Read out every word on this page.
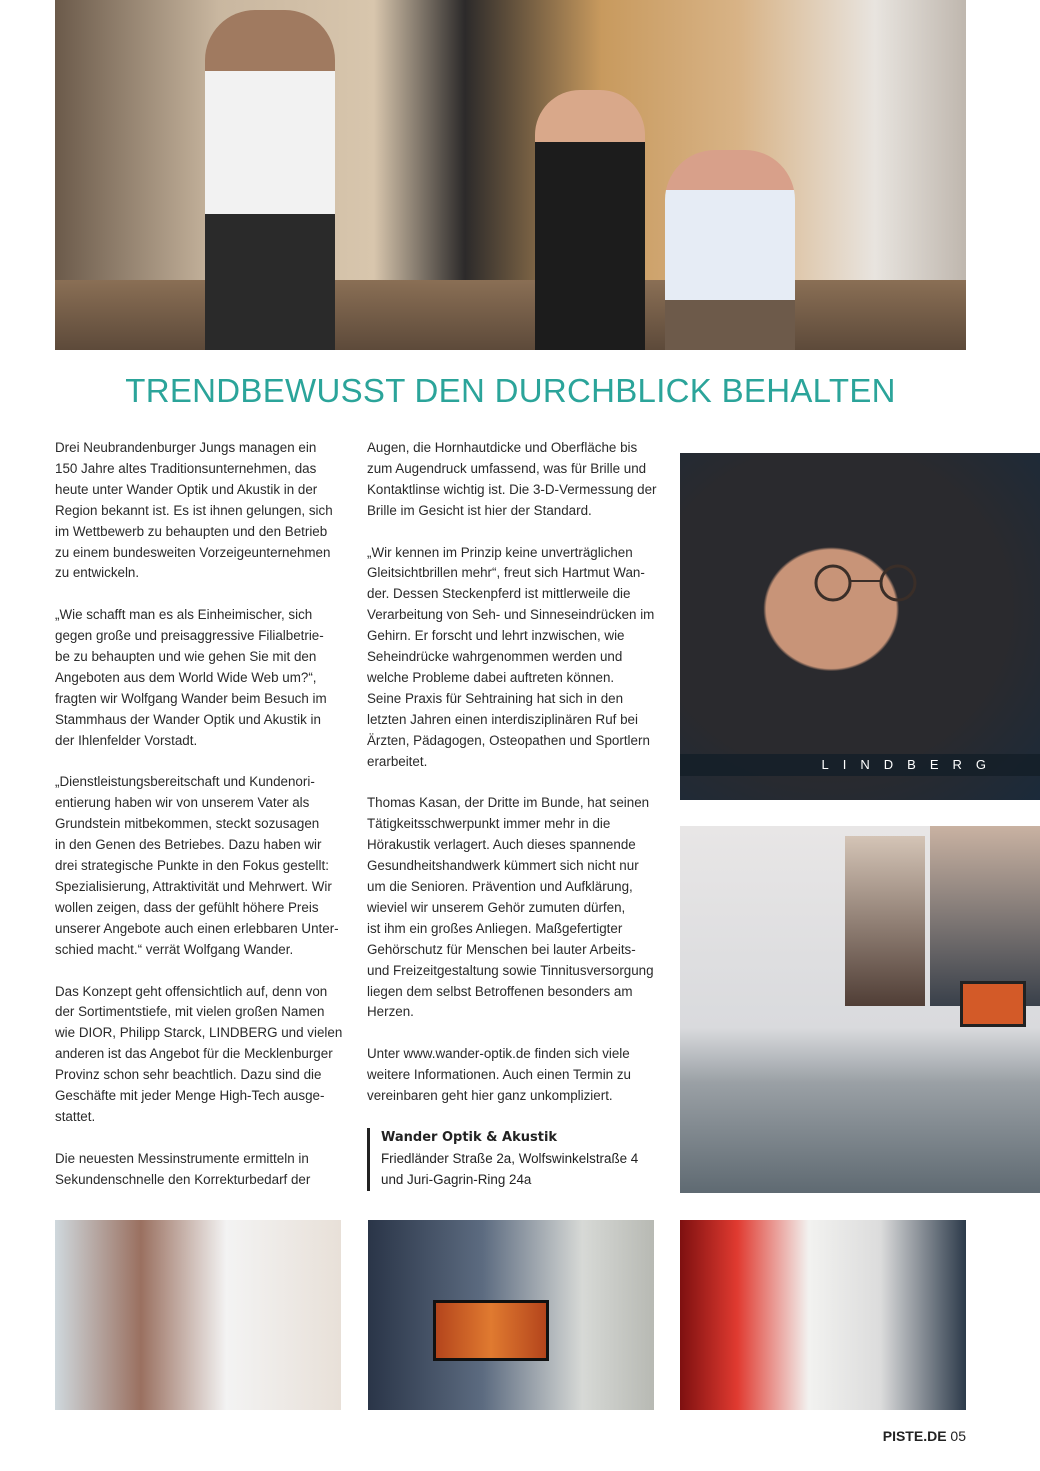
TRENDBEWUSST DEN DURCHBLICK BEHALTEN
Drei Neubrandenburger Jungs managen ein
150 Jahre altes Traditionsunternehmen, das
heute unter Wander Optik und Akustik in der
Region bekannt ist. Es ist ihnen gelungen, sich
im Wettbewerb zu behaupten und den Betrieb
zu einem bundesweiten Vorzeigeunternehmen
zu entwickeln.
„Wie schafft man es als Einheimischer, sich
gegen große und preisaggressive Filialbetrie-
be zu behaupten und wie gehen Sie mit den
Angeboten aus dem World Wide Web um?“,
fragten wir Wolfgang Wander beim Besuch im
Stammhaus der Wander Optik und Akustik in
der Ihlenfelder Vorstadt.
„Dienstleistungsbereitschaft und Kundenori-
entierung haben wir von unserem Vater als
Grundstein mitbekommen, steckt sozusagen
in den Genen des Betriebes. Dazu haben wir
drei strategische Punkte in den Fokus gestellt:
Spezialisierung, Attraktivität und Mehrwert. Wir
wollen zeigen, dass der gefühlt höhere Preis
unserer Angebote auch einen erlebbaren Unter-
schied macht.“ verrät Wolfgang Wander.
Das Konzept geht offensichtlich auf, denn von
der Sortimentstiefe, mit vielen großen Namen
wie DIOR, Philipp Starck, LINDBERG und vielen
anderen ist das Angebot für die Mecklenburger
Provinz schon sehr beachtlich. Dazu sind die
Geschäfte mit jeder Menge High-Tech ausge-
stattet.
Die neuesten Messinstrumente ermitteln in
Sekundenschnelle den Korrekturbedarf der
Augen, die Hornhautdicke und Oberfläche bis
zum Augendruck umfassend, was für Brille und
Kontaktlinse wichtig ist. Die 3-D-Vermessung der
Brille im Gesicht ist hier der Standard.
„Wir kennen im Prinzip keine unverträglichen
Gleitsichtbrillen mehr“, freut sich Hartmut Wan-
der. Dessen Steckenpferd ist mittlerweile die
Verarbeitung von Seh- und Sinneseindrücken im
Gehirn. Er forscht und lehrt inzwischen, wie
Seheindrücke wahrgenommen werden und
welche Probleme dabei auftreten können.
Seine Praxis für Sehtraining hat sich in den
letzten Jahren einen interdisziplinären Ruf bei
Ärzten, Pädagogen, Osteopathen und Sportlern
erarbeitet.
Thomas Kasan, der Dritte im Bunde, hat seinen
Tätigkeitsschwerpunkt immer mehr in die
Hörakustik verlagert. Auch dieses spannende
Gesundheitshandwerk kümmert sich nicht nur
um die Senioren. Prävention und Aufklärung,
wieviel wir unserem Gehör zumuten dürfen,
ist ihm ein großes Anliegen. Maßgefertigter
Gehörschutz für Menschen bei lauter Arbeits-
und Freizeitgestaltung sowie Tinnitusversorgung
liegen dem selbst Betroffenen besonders am
Herzen.
Unter www.wander-optik.de finden sich viele
weitere Informationen. Auch einen Termin zu
vereinbaren geht hier ganz unkompliziert.
Wander Optik & Akustik
Friedländer Straße 2a, Wolfswinkelstraße 4
und Juri-Gagrin-Ring 24a
LINDBERG
PISTE.DE 05
